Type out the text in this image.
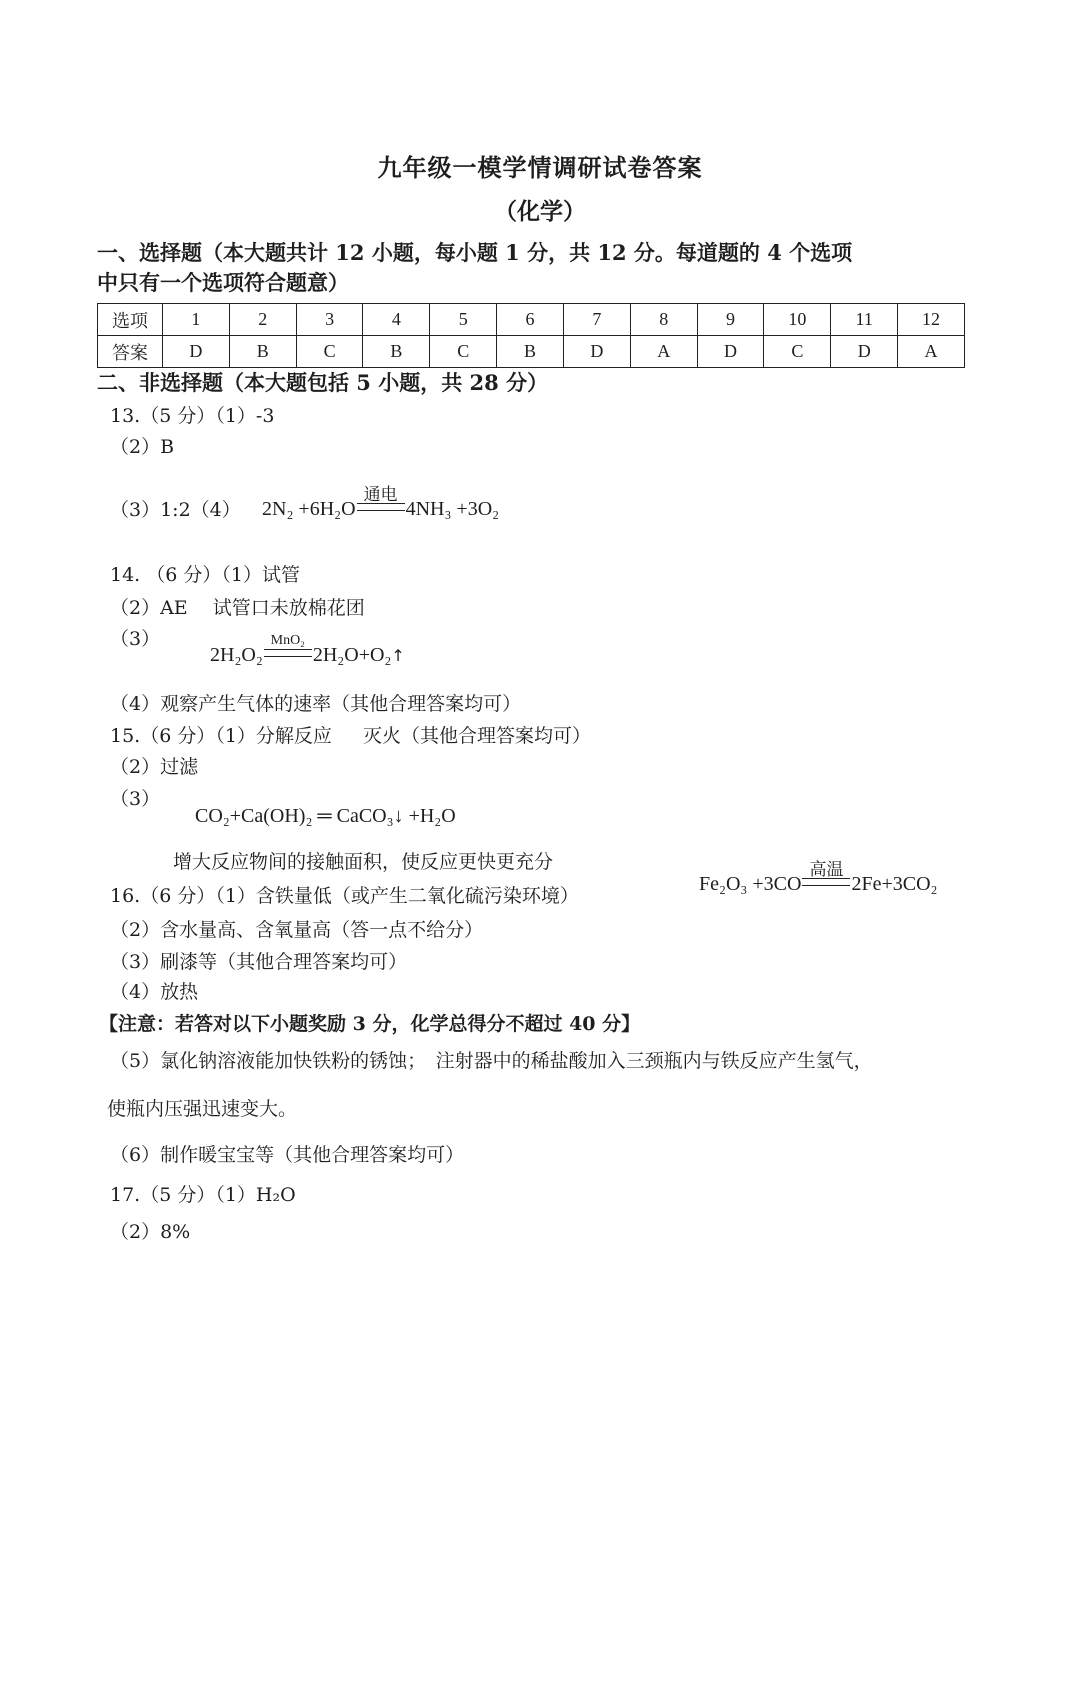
九年级一模学情调研试卷答案
（化学）
一、选择题（本大题共计 12 小题，每小题 1 分，共 12 分。每道题的 4 个选项
中只有一个选项符合题意）
选项	1	2	3	4	5	6	7	8	9	10	11	12
答案	D	B	C	B	C	B	D	A	D	C	D	A
二、非选择题（本大题包括 5 小题，共 28 分）
13.（5 分）（1）-3
（2）B
（3）1:2（4） 2N₂ +6H₂O
通电
4NH₃ +3O₂
14. （6 分）（1）试管
（2）AE　 试管口未放棉花团
（3）
2H₂O₂
MnO₂
2H₂O+O₂↑
（4）观察产生气体的速率（其他合理答案均可）
15.（6 分）（1）分解反应 　 灭火（其他合理答案均可）
（2）过滤
（3）
CO₂+Ca(OH)₂ ═ CaCO₃↓ +H₂O
增大反应物间的接触面积，使反应更快更充分
16.（6 分）（1）含铁量低（或产生二氧化硫污染环境）
Fe₂O₃ +3CO
高温
2Fe+3CO₂
（2）含水量高、含氧量高（答一点不给分）
（3）刷漆等（其他合理答案均可）
（4）放热
【注意：若答对以下小题奖励 3 分，化学总得分不超过 40 分】
（5）氯化钠溶液能加快铁粉的锈蚀；　注射器中的稀盐酸加入三颈瓶内与铁反应产生氢气，
使瓶内压强迅速变大。
（6）制作暖宝宝等（其他合理答案均可）
17.（5 分）（1）H₂O
（2）8%
